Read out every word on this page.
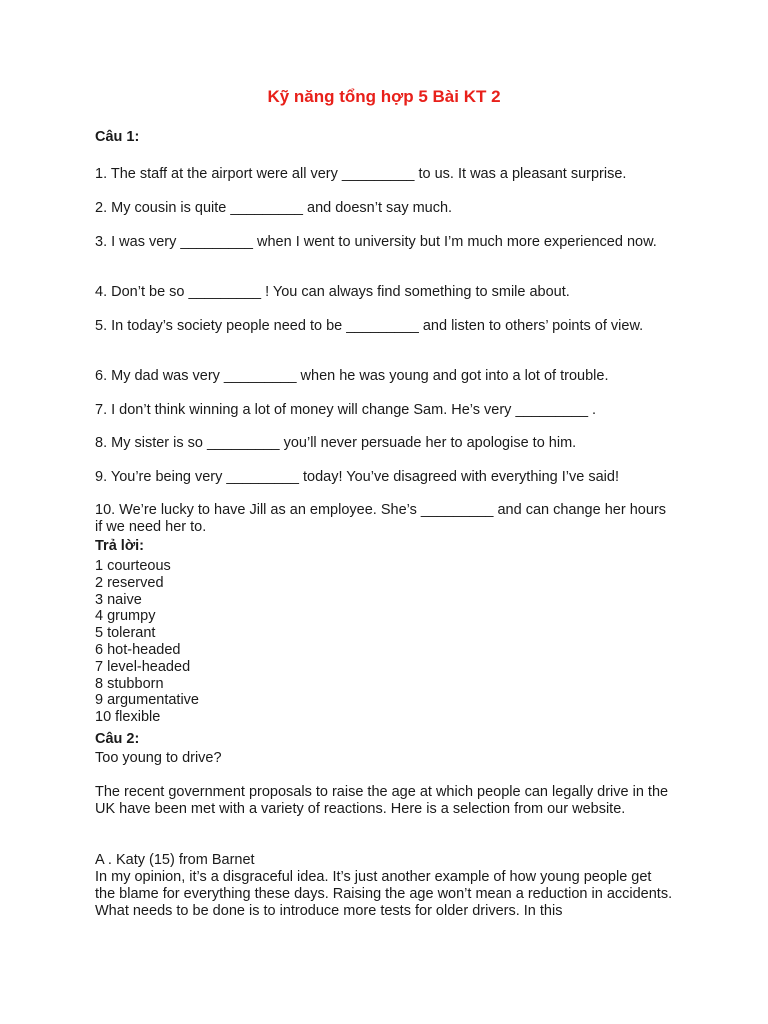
Kỹ năng tổng hợp 5 Bài KT 2
Câu 1:
1. The staff at the airport were all very _________ to us. It was a pleasant surprise.
2. My cousin is quite _________ and doesn’t say much.
3. I was very _________ when I went to university but I’m much more experienced now.
4. Don’t be so _________ ! You can always find something to smile about.
5. In today’s society people need to be _________ and listen to others’ points of view.
6. My dad was very _________ when he was young and got into a lot of trouble.
7. I don’t think winning a lot of money will change Sam. He’s very _________ .
8. My sister is so _________ you’ll never persuade her to apologise to him.
9. You’re being very _________ today! You’ve disagreed with everything I’ve said!
10. We’re lucky to have Jill as an employee. She’s _________ and can change her hours if we need her to.
Trả lời:
1 courteous
2 reserved
3 naive
4 grumpy
5 tolerant
6 hot-headed
7 level-headed
8 stubborn
9 argumentative
10 flexible
Câu 2:
Too young to drive?
The recent government proposals to raise the age at which people can legally drive in the UK have been met with a variety of reactions. Here is a selection from our website.
A . Katy (15) from Barnet
In my opinion, it’s a disgraceful idea. It’s just another example of how young people get the blame for everything these days. Raising the age won’t mean a reduction in accidents. What needs to be done is to introduce more tests for older drivers. In this
